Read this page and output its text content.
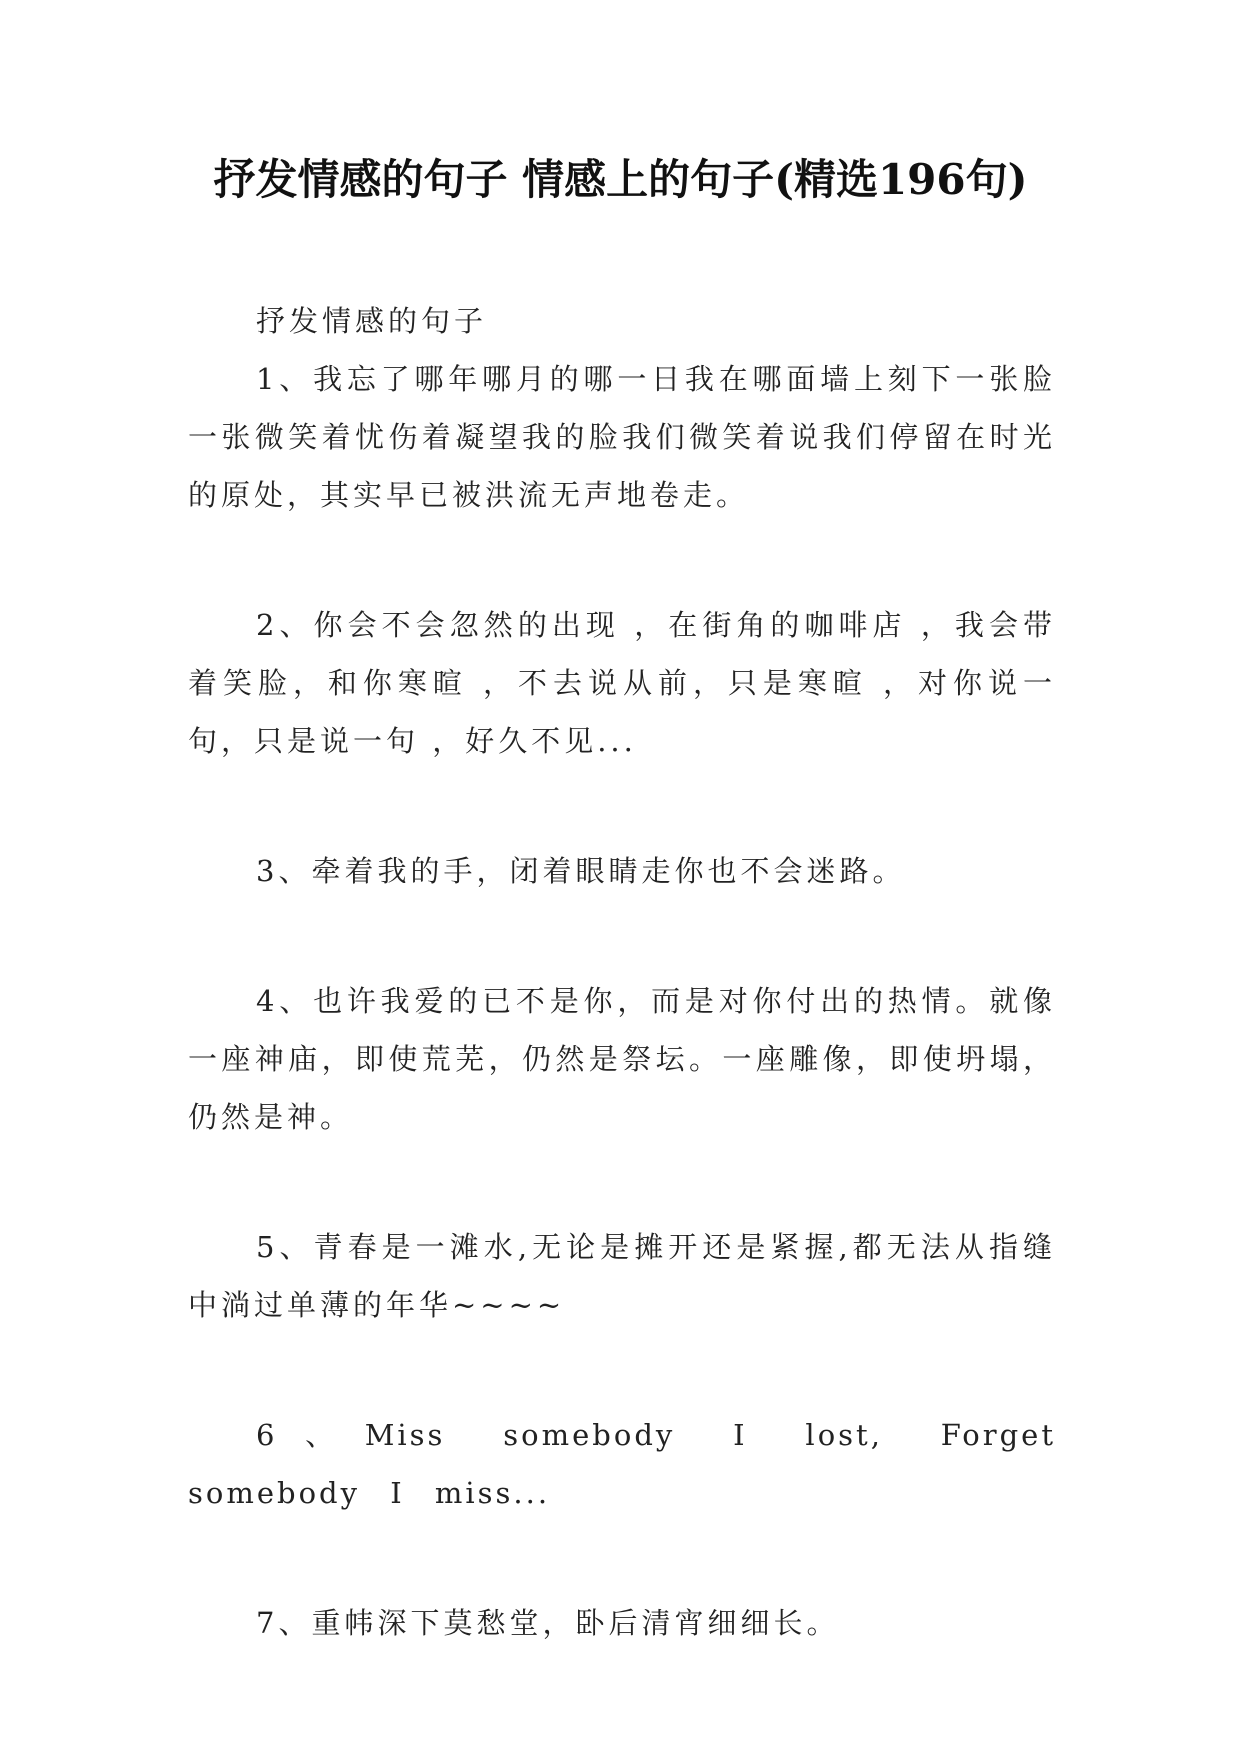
抒发情感的句子 情感上的句子(精选196句)

抒发情感的句子

1、我忘了哪年哪月的哪一日我在哪面墙上刻下一张脸一张微笑着忧伤着凝望我的脸我们微笑着说我们停留在时光的原处，其实早已被洪流无声地卷走。

2、你会不会忽然的出现 ，在街角的咖啡店 ，我会带着笑脸，和你寒暄 ，不去说从前，只是寒暄 ，对你说一句，只是说一句 ，好久不见...

3、牵着我的手，闭着眼睛走你也不会迷路。

4、也许我爱的已不是你，而是对你付出的热情。就像一座神庙，即使荒芜，仍然是祭坛。一座雕像，即使坍塌，仍然是神。

5、青春是一滩水,无论是摊开还是紧握,都无法从指缝中淌过单薄的年华~~~~

6、Miss somebody I lost, Forget somebody I miss...

7、重帏深下莫愁堂，卧后清宵细细长。
